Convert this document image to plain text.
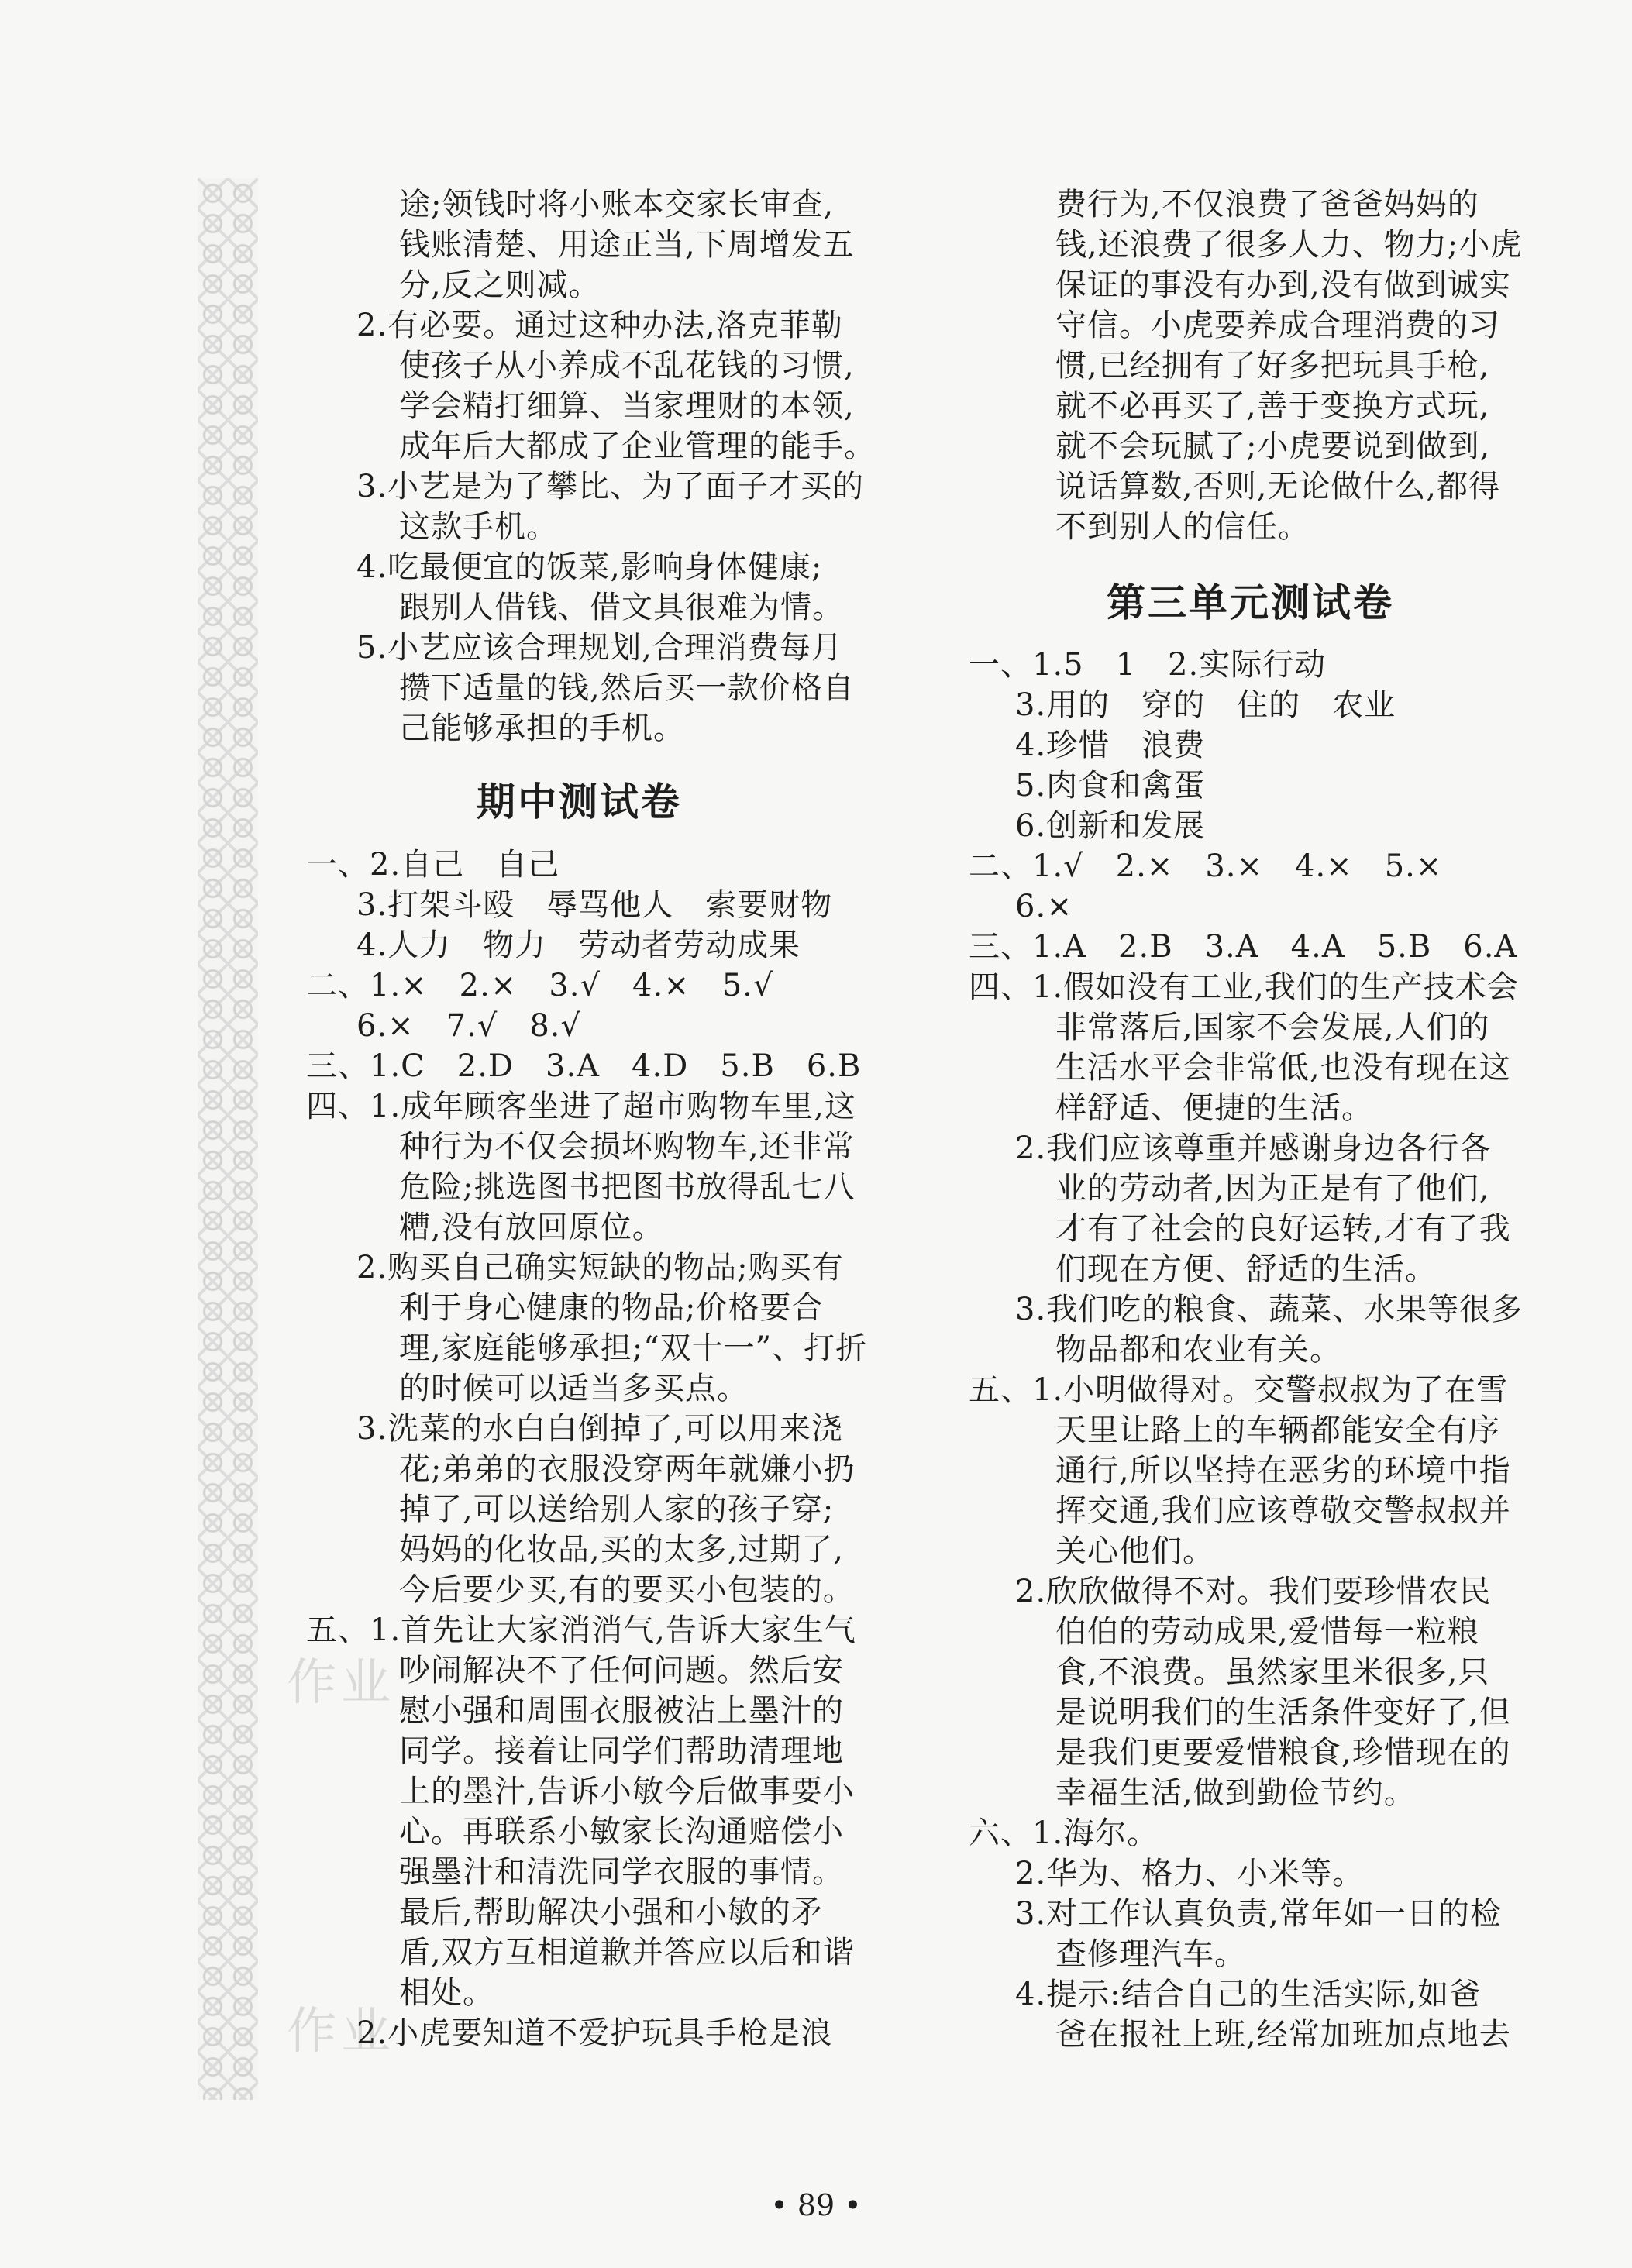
作业
作业
途;领钱时将小账本交家长审查,
钱账清楚、用途正当,下周增发五
分,反之则减。
2.有必要。通过这种办法,洛克菲勒
使孩子从小养成不乱花钱的习惯,
学会精打细算、当家理财的本领,
成年后大都成了企业管理的能手。
3.小艺是为了攀比、为了面子才买的
这款手机。
4.吃最便宜的饭菜,影响身体健康;
跟别人借钱、借文具很难为情。
5.小艺应该合理规划,合理消费每月
攒下适量的钱,然后买一款价格自
己能够承担的手机。
期中测试卷
一、2.自己　自己
3.打架斗殴　辱骂他人　索要财物
4.人力　物力　劳动者劳动成果
二、1.×　2.×　3.√　4.×　5.√
6.×　7.√　8.√
三、1.C　2.D　3.A　4.D　5.B　6.B
四、1.成年顾客坐进了超市购物车里,这
种行为不仅会损坏购物车,还非常
危险;挑选图书把图书放得乱七八
糟,没有放回原位。
2.购买自己确实短缺的物品;购买有
利于身心健康的物品;价格要合
理,家庭能够承担;“双十一”、打折
的时候可以适当多买点。
3.洗菜的水白白倒掉了,可以用来浇
花;弟弟的衣服没穿两年就嫌小扔
掉了,可以送给别人家的孩子穿;
妈妈的化妆品,买的太多,过期了,
今后要少买,有的要买小包装的。
五、1.首先让大家消消气,告诉大家生气
吵闹解决不了任何问题。然后安
慰小强和周围衣服被沾上墨汁的
同学。接着让同学们帮助清理地
上的墨汁,告诉小敏今后做事要小
心。再联系小敏家长沟通赔偿小
强墨汁和清洗同学衣服的事情。
最后,帮助解决小强和小敏的矛
盾,双方互相道歉并答应以后和谐
相处。
2.小虎要知道不爱护玩具手枪是浪
费行为,不仅浪费了爸爸妈妈的
钱,还浪费了很多人力、物力;小虎
保证的事没有办到,没有做到诚实
守信。小虎要养成合理消费的习
惯,已经拥有了好多把玩具手枪,
就不必再买了,善于变换方式玩,
就不会玩腻了;小虎要说到做到,
说话算数,否则,无论做什么,都得
不到别人的信任。
第三单元测试卷
一、1.5　1　2.实际行动
3.用的　穿的　住的　农业
4.珍惜　浪费
5.肉食和禽蛋
6.创新和发展
二、1.√　2.×　3.×　4.×　5.×
6.×
三、1.A　2.B　3.A　4.A　5.B　6.A
四、1.假如没有工业,我们的生产技术会
非常落后,国家不会发展,人们的
生活水平会非常低,也没有现在这
样舒适、便捷的生活。
2.我们应该尊重并感谢身边各行各
业的劳动者,因为正是有了他们,
才有了社会的良好运转,才有了我
们现在方便、舒适的生活。
3.我们吃的粮食、蔬菜、水果等很多
物品都和农业有关。
五、1.小明做得对。交警叔叔为了在雪
天里让路上的车辆都能安全有序
通行,所以坚持在恶劣的环境中指
挥交通,我们应该尊敬交警叔叔并
关心他们。
2.欣欣做得不对。我们要珍惜农民
伯伯的劳动成果,爱惜每一粒粮
食,不浪费。虽然家里米很多,只
是说明我们的生活条件变好了,但
是我们更要爱惜粮食,珍惜现在的
幸福生活,做到勤俭节约。
六、1.海尔。
2.华为、格力、小米等。
3.对工作认真负责,常年如一日的检
查修理汽车。
4.提示:结合自己的生活实际,如爸
爸在报社上班,经常加班加点地去
• 89 •
